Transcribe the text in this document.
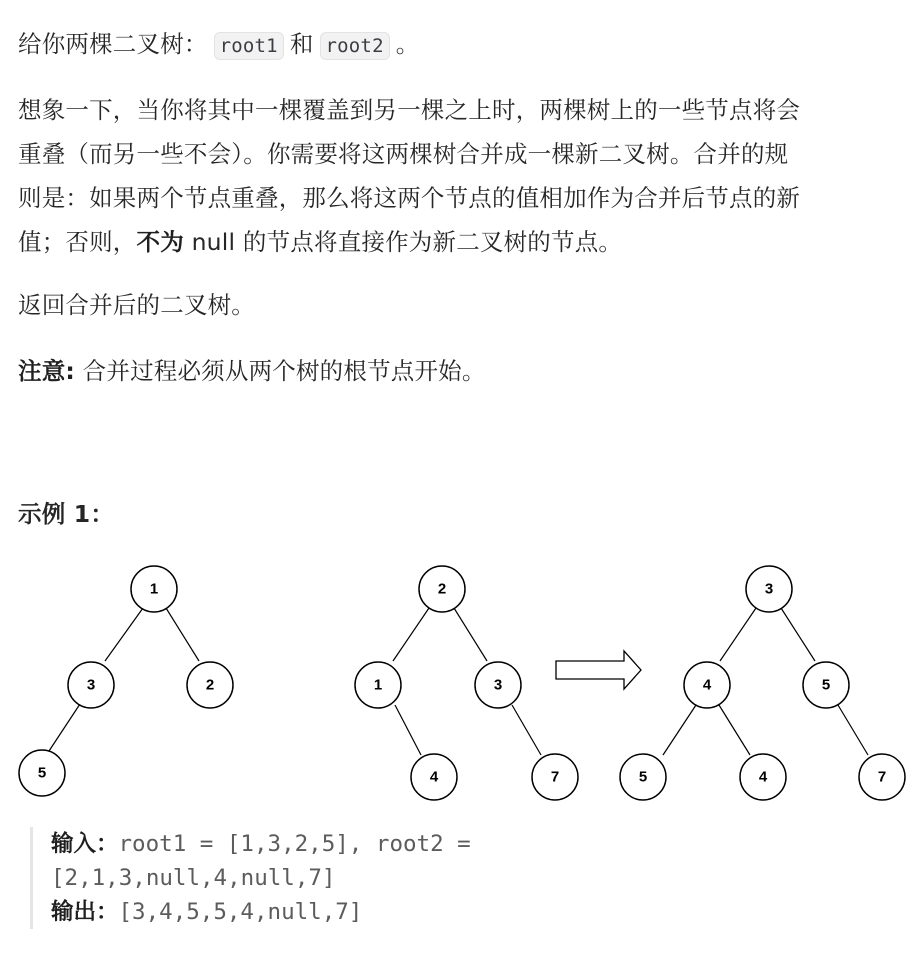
给你两棵二叉树： root1 和 root2 。

想象一下，当你将其中一棵覆盖到另一棵之上时，两棵树上的一些节点将会
重叠（而另一些不会）。你需要将这两棵树合并成一棵新二叉树。合并的规
则是：如果两个节点重叠，那么将这两个节点的值相加作为合并后节点的新
值；否则，不为 null 的节点将直接作为新二叉树的节点。

返回合并后的二叉树。

注意: 合并过程必须从两个树的根节点开始。

示例 1：

1
3	2
5
2
1	3
4	7
3
4	5
5	4	7
输入：root1 = [1,3,2,5], root2 =
[2,1,3,null,4,null,7]
输出：[3,4,5,5,4,null,7]
